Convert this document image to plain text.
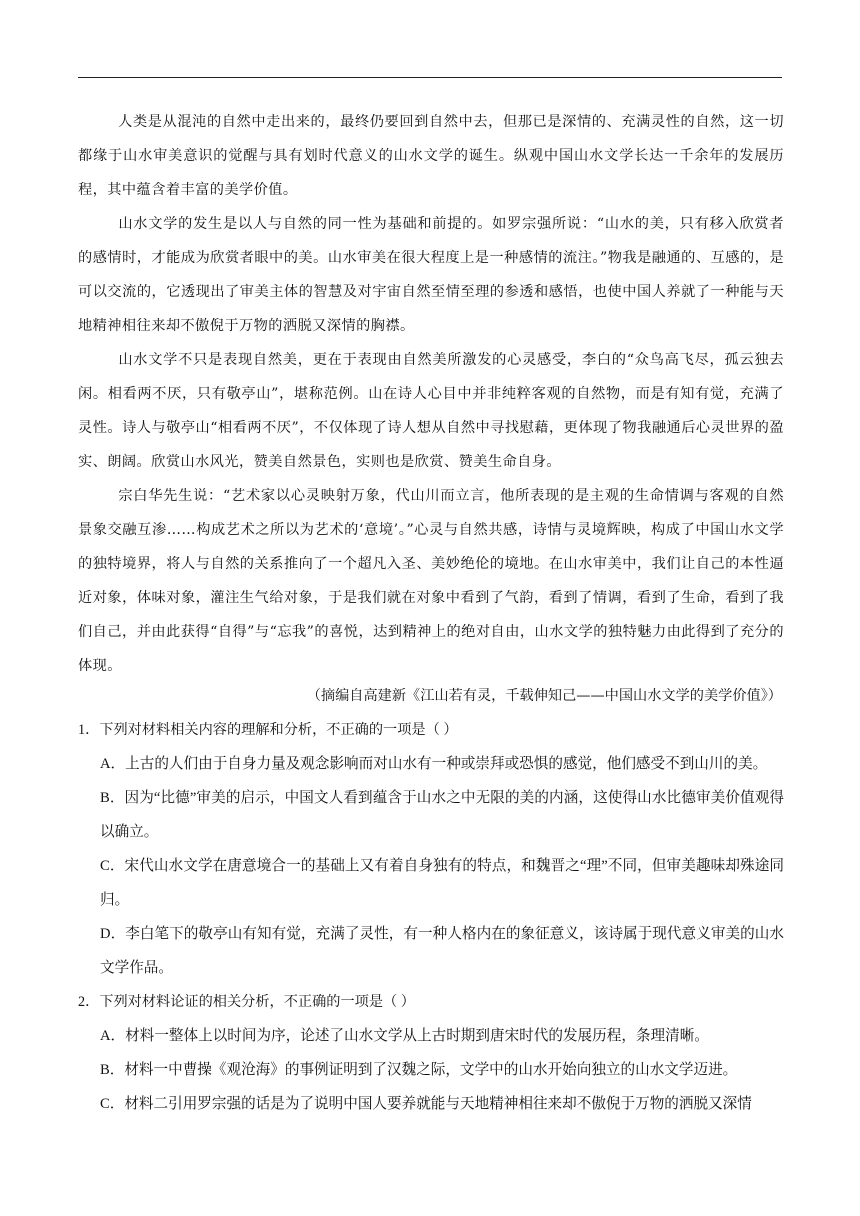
人类是从混沌的自然中走出来的，最终仍要回到自然中去，但那已是深情的、充满灵性的自然，这一切都缘于山水审美意识的觉醒与具有划时代意义的山水文学的诞生。纵观中国山水文学长达一千余年的发展历程，其中蕴含着丰富的美学价值。

山水文学的发生是以人与自然的同一性为基础和前提的。如罗宗强所说：“山水的美，只有移入欣赏者的感情时，才能成为欣赏者眼中的美。山水审美在很大程度上是一种感情的流注。”物我是融通的、互感的，是可以交流的，它透现出了审美主体的智慧及对宇宙自然至情至理的参透和感悟，也使中国人养就了一种能与天地精神相往来却不傲倪于万物的洒脱又深情的胸襟。

山水文学不只是表现自然美，更在于表现由自然美所激发的心灵感受，李白的“众鸟高飞尽，孤云独去闲。相看两不厌，只有敬亭山”，堪称范例。山在诗人心目中并非纯粹客观的自然物，而是有知有觉，充满了灵性。诗人与敬亭山“相看两不厌”，不仅体现了诗人想从自然中寻找慰藉，更体现了物我融通后心灵世界的盈实、朗阔。欣赏山水风光，赞美自然景色，实则也是欣赏、赞美生命自身。

宗白华先生说：“艺术家以心灵映射万象，代山川而立言，他所表现的是主观的生命情调与客观的自然景象交融互渗……构成艺术之所以为艺术的‘意境’。”心灵与自然共感，诗情与灵境辉映，构成了中国山水文学的独特境界，将人与自然的关系推向了一个超凡入圣、美妙绝伦的境地。在山水审美中，我们让自己的本性逼近对象，体味对象，灌注生气给对象，于是我们就在对象中看到了气韵，看到了情调，看到了生命，看到了我们自己，并由此获得“自得”与“忘我”的喜悦，达到精神上的绝对自由，山水文学的独特魅力由此得到了充分的体现。

（摘编自高建新《江山若有灵，千载伸知己——中国山水文学的美学价值》）

1．下列对材料相关内容的理解和分析，不正确的一项是（ ）

A．上古的人们由于自身力量及观念影响而对山水有一种或崇拜或恐惧的感觉，他们感受不到山川的美。

B．因为“比德”审美的启示，中国文人看到蕴含于山水之中无限的美的内涵，这使得山水比德审美价值观得以确立。

C．宋代山水文学在唐意境合一的基础上又有着自身独有的特点，和魏晋之“理”不同，但审美趣味却殊途同归。

D．李白笔下的敬亭山有知有觉，充满了灵性，有一种人格内在的象征意义，该诗属于现代意义审美的山水文学作品。

2．下列对材料论证的相关分析，不正确的一项是（ ）

A．材料一整体上以时间为序，论述了山水文学从上古时期到唐宋时代的发展历程，条理清晰。

B．材料一中曹操《观沧海》的事例证明到了汉魏之际，文学中的山水开始向独立的山水文学迈进。

C．材料二引用罗宗强的话是为了说明中国人要养就能与天地精神相往来却不傲倪于万物的洒脱又深情
